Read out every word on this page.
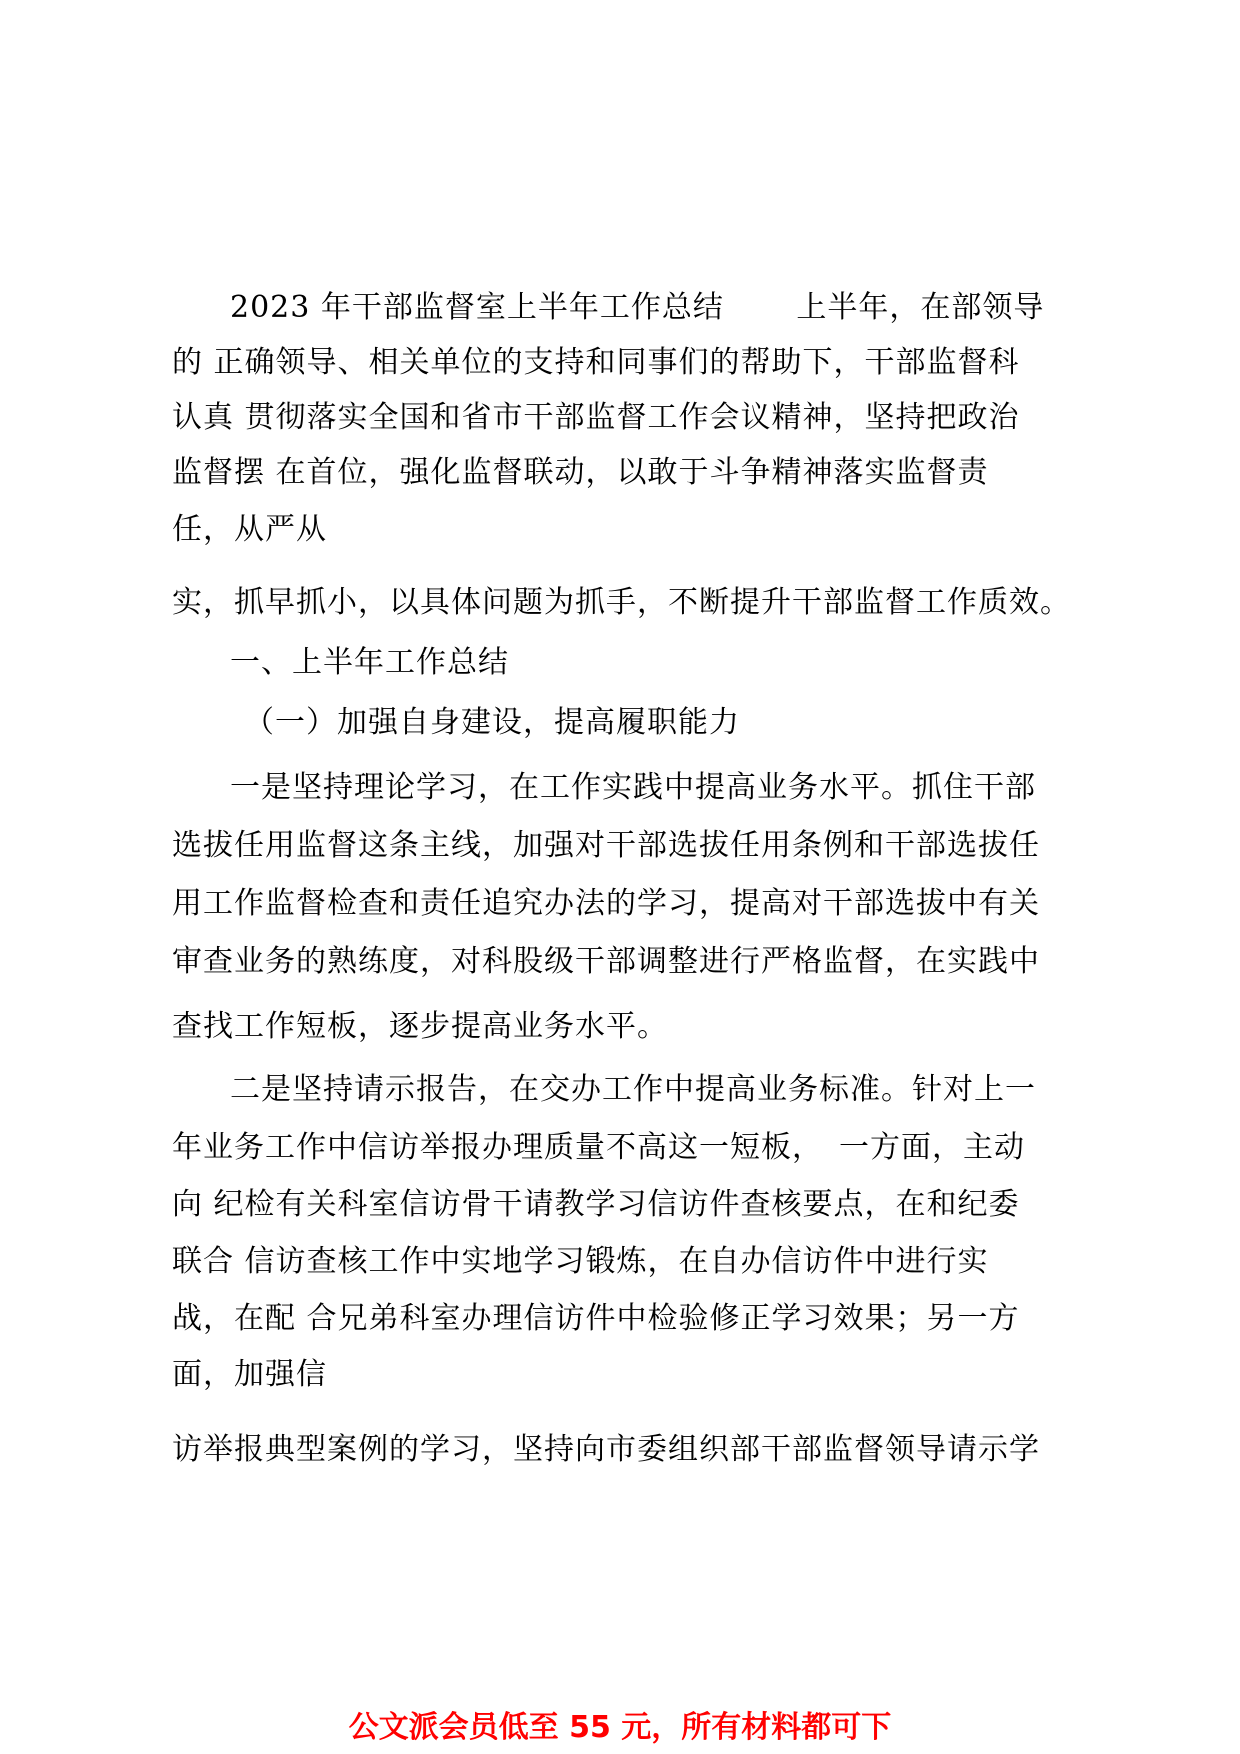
2023 年干部监督室上半年工作总结　　 上半年，在部领导
的 正确领导、相关单位的支持和同事们的帮助下，干部监督科
认真 贯彻落实全国和省市干部监督工作会议精神，坚持把政治
监督摆 在首位，强化监督联动，以敢于斗争精神落实监督责
任，从严从
实，抓早抓小，以具体问题为抓手，不断提升干部监督工作质效。
一、上半年工作总结
（一）加强自身建设，提高履职能力
一是坚持理论学习，在工作实践中提高业务水平。抓住干部
选拔任用监督这条主线，加强对干部选拔任用条例和干部选拔任
用工作监督检查和责任追究办法的学习，提高对干部选拔中有关
审查业务的熟练度，对科股级干部调整进行严格监督，在实践中
查找工作短板，逐步提高业务水平。
二是坚持请示报告，在交办工作中提高业务标准。针对上一
年业务工作中信访举报办理质量不高这一短板，　一方面，主动
向 纪检有关科室信访骨干请教学习信访件查核要点，在和纪委
联合 信访查核工作中实地学习锻炼，在自办信访件中进行实
战，在配 合兄弟科室办理信访件中检验修正学习效果；另一方
面，加强信
访举报典型案例的学习，坚持向市委组织部干部监督领导请示学
公文派会员低至 55 元，所有材料都可下
